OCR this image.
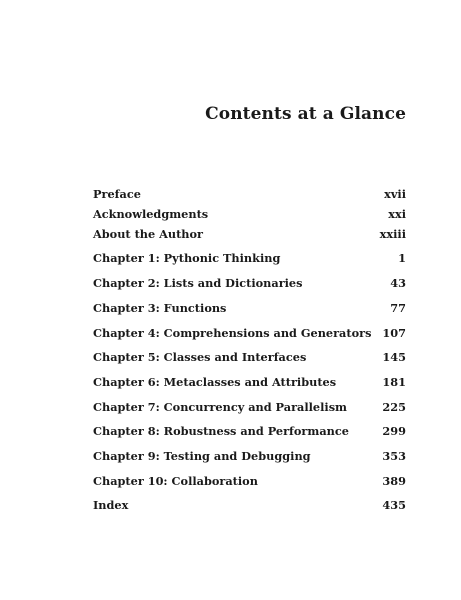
Contents at a Glance
Preface	xvii
Acknowledgments	xxi
About the Author	xxiii
Chapter 1: Pythonic Thinking	1
Chapter 2: Lists and Dictionaries	43
Chapter 3: Functions	77
Chapter 4: Comprehensions and Generators 107
Chapter 5: Classes and Interfaces	145
Chapter 6: Metaclasses and Attributes	181
Chapter 7: Concurrency and Parallelism	225
Chapter 8: Robustness and Performance	299
Chapter 9: Testing and Debugging	353
Chapter 10: Collaboration	389
Index	435
